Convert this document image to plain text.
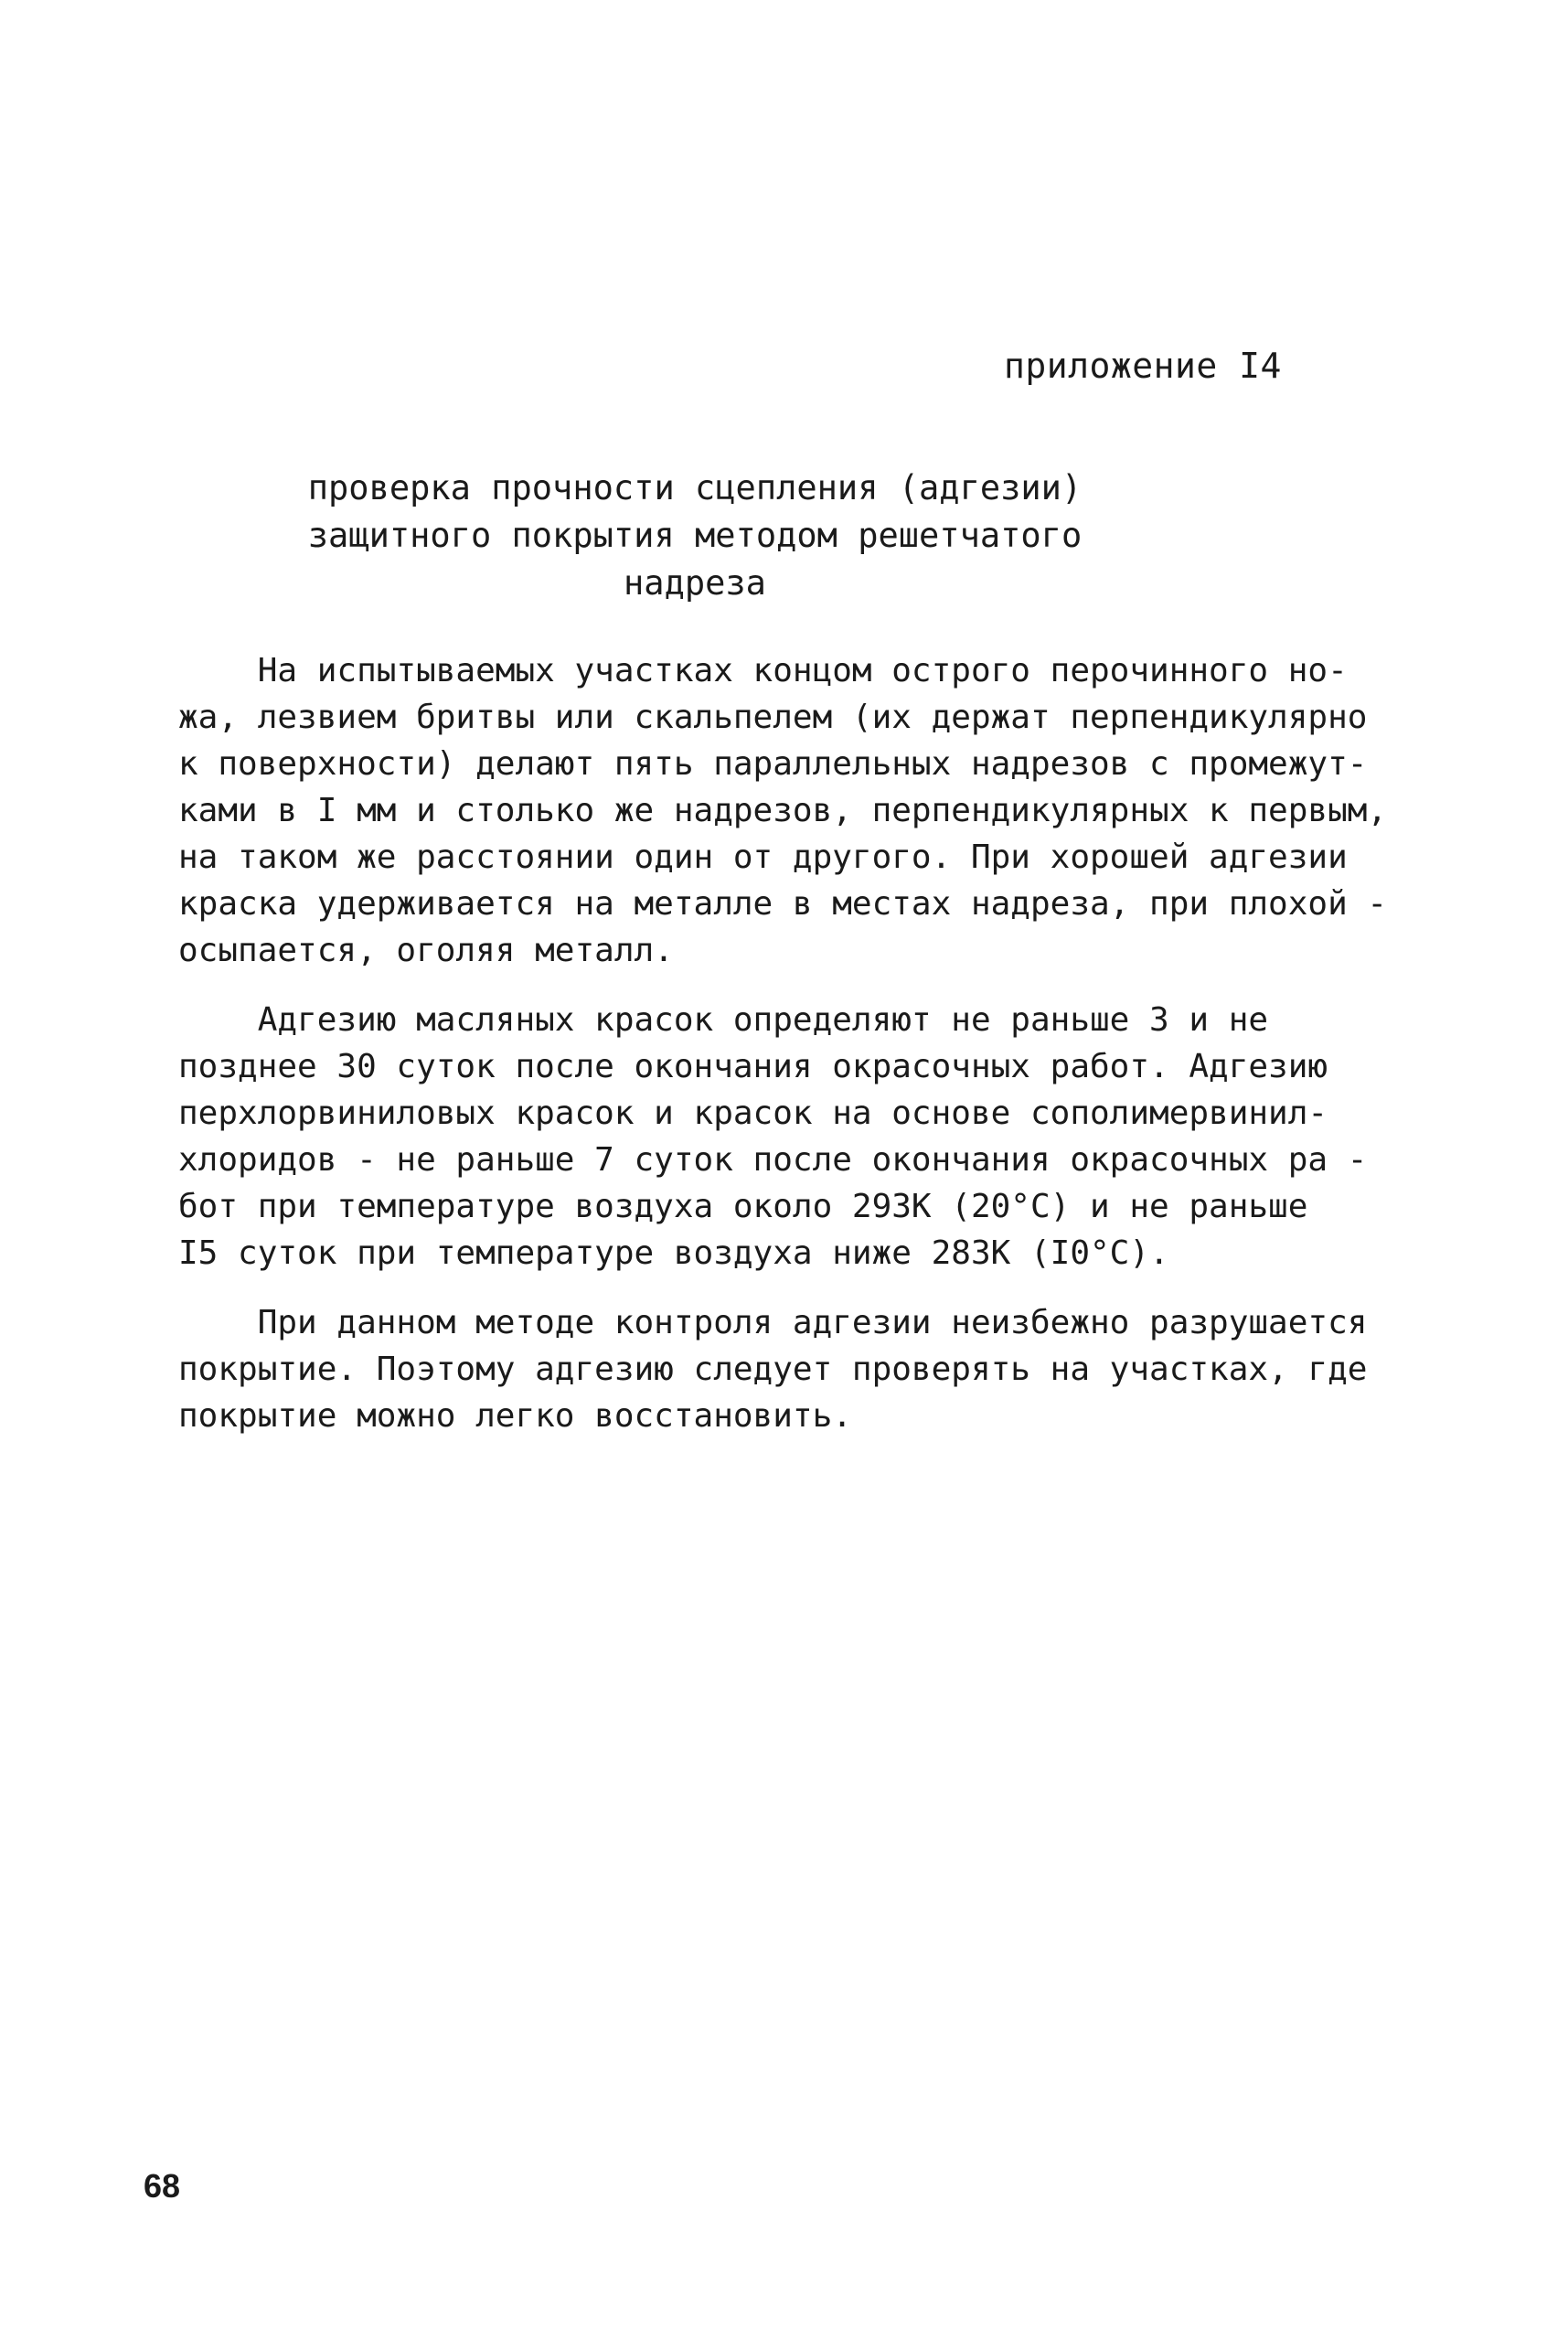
приложение I4
проверка прочности сцепления (адгезии)
защитного покрытия методом решетчатого
надреза
На испытываемых участках концом острого перочинного но-
жа, лезвием бритвы или скальпелем (их держат перпендикулярно
к поверхности) делают пять параллельных надрезов с промежут-
ками в I мм и столько же надрезов, перпендикулярных к первым,
на таком же расстоянии один от другого. При хорошей адгезии
краска удерживается на металле в местах надреза, при плохой -
осыпается, оголяя металл.
Адгезию масляных красок определяют не раньше 3 и не
позднее 30 суток после окончания окрасочных работ. Адгезию
перхлорвиниловых красок и красок на основе сополимервинил-
хлоридов - не раньше 7 суток после окончания окрасочных ра -
бот при температуре воздуха около 293К (20°С) и не раньше
I5 суток при температуре воздуха ниже 283К (I0°С).
При данном методе контроля адгезии неизбежно разрушается
покрытие. Поэтому адгезию следует проверять на участках, где
покрытие можно легко восстановить.
68
